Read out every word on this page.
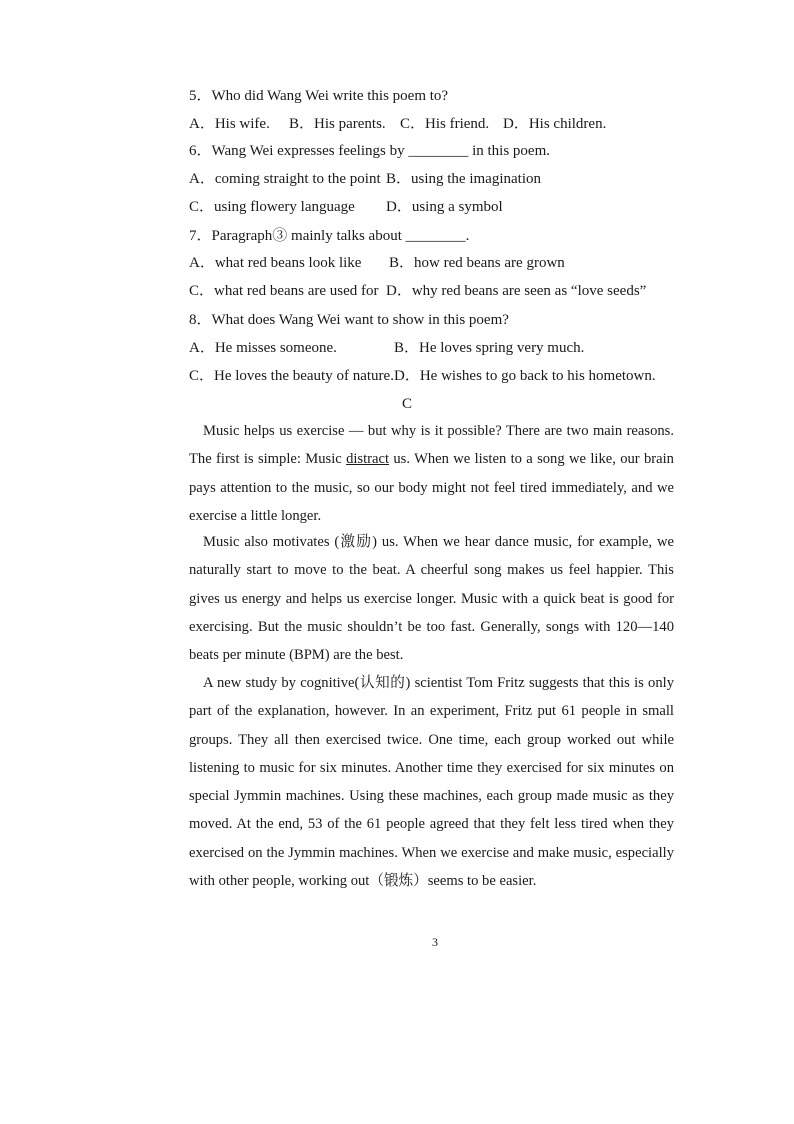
5．Who did Wang Wei write this poem to?
A．His wife. B．His parents. C．His friend. D．His children.
6．Wang Wei expresses feelings by ________ in this poem.
A．coming straight to the point B．using the imagination
C．using flowery language D．using a symbol
7．Paragraph③ mainly talks about ________.
A．what red beans look like B．how red beans are grown
C．what red beans are used for D．why red beans are seen as “love seeds”
8．What does Wang Wei want to show in this poem?
A．He misses someone.	B．He loves spring very much.
C．He loves the beauty of nature. D．He wishes to go back to his hometown.
C
Music helps us exercise — but why is it possible? There are two main reasons. The first is simple: Music distract us. When we listen to a song we like, our brain pays attention to the music, so our body might not feel tired immediately, and we exercise a little longer.
Music also motivates (激励) us. When we hear dance music, for example, we naturally start to move to the beat. A cheerful song makes us feel happier. This gives us energy and helps us exercise longer. Music with a quick beat is good for exercising. But the music shouldn’t be too fast. Generally, songs with 120—140 beats per minute (BPM) are the best.
A new study by cognitive(认知的) scientist Tom Fritz suggests that this is only part of the explanation, however. In an experiment, Fritz put 61 people in small groups. They all then exercised twice. One time, each group worked out while listening to music for six minutes. Another time they exercised for six minutes on special Jymmin machines. Using these machines, each group made music as they moved. At the end, 53 of the 61 people agreed that they felt less tired when they exercised on the Jymmin machines. When we exercise and make music, especially with other people, working out（锻炼）seems to be easier.
3
